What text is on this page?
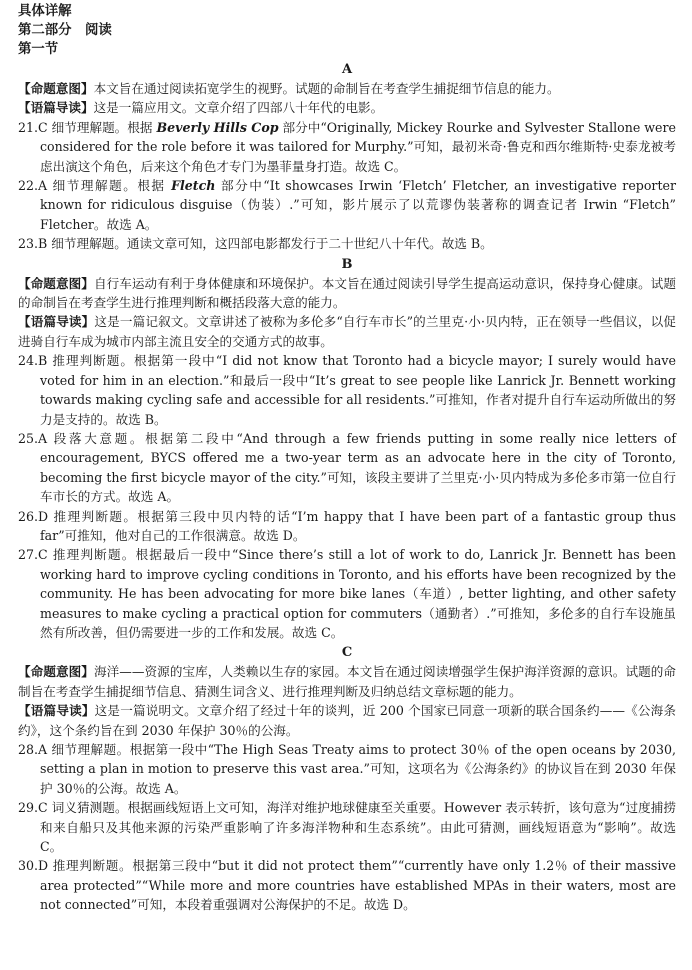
具体详解
第二部分　阅读
第一节
A

【命题意图】本文旨在通过阅读拓宽学生的视野。试题的命制旨在考查学生捕捉细节信息的能力。

【语篇导读】这是一篇应用文。文章介绍了四部八十年代的电影。

21.C 细节理解题。根据 Beverly Hills Cop 部分中“Originally, Mickey Rourke and Sylvester Stallone were considered for the role before it was tailored for Murphy.”可知，最初米奇·鲁克和西尔维斯特·史泰龙被考虑出演这个角色，后来这个角色才专门为墨菲量身打造。故选 C。

22.A 细节理解题。根据 Fletch 部分中“It showcases Irwin ‘Fletch’ Fletcher, an investigative reporter known for ridiculous disguise（伪装）.”可知，影片展示了以荒谬伪装著称的调查记者 Irwin “Fletch” Fletcher。故选 A。

23.B 细节理解题。通读文章可知，这四部电影都发行于二十世纪八十年代。故选 B。

B

【命题意图】自行车运动有利于身体健康和环境保护。本文旨在通过阅读引导学生提高运动意识，保持身心健康。试题的命制旨在考查学生进行推理判断和概括段落大意的能力。

【语篇导读】这是一篇记叙文。文章讲述了被称为多伦多“自行车市长”的兰里克·小·贝内特，正在领导一些倡议，以促进骑自行车成为城市内部主流且安全的交通方式的故事。

24.B 推理判断题。根据第一段中“I did not know that Toronto had a bicycle mayor; I surely would have voted for him in an election.”和最后一段中“It’s great to see people like Lanrick Jr. Bennett working towards making cycling safe and accessible for all residents.”可推知，作者对提升自行车运动所做出的努力是支持的。故选 B。

25.A 段落大意题。根据第二段中“And through a few friends putting in some really nice letters of encouragement, BYCS offered me a two-year term as an advocate here in the city of Toronto, becoming the first bicycle mayor of the city.”可知，该段主要讲了兰里克·小·贝内特成为多伦多市第一位自行车市长的方式。故选 A。

26.D 推理判断题。根据第三段中贝内特的话“I’m happy that I have been part of a fantastic group thus far”可推知，他对自己的工作很满意。故选 D。

27.C 推理判断题。根据最后一段中“Since there’s still a lot of work to do, Lanrick Jr. Bennett has been working hard to improve cycling conditions in Toronto, and his efforts have been recognized by the community. He has been advocating for more bike lanes（车道）, better lighting, and other safety measures to make cycling a practical option for commuters（通勤者）.”可推知，多伦多的自行车设施虽然有所改善，但仍需要进一步的工作和发展。故选 C。

C

【命题意图】海洋——资源的宝库，人类赖以生存的家园。本文旨在通过阅读增强学生保护海洋资源的意识。试题的命制旨在考查学生捕捉细节信息、猜测生词含义、进行推理判断及归纳总结文章标题的能力。

【语篇导读】这是一篇说明文。文章介绍了经过十年的谈判，近 200 个国家已同意一项新的联合国条约——《公海条约》，这个条约旨在到 2030 年保护 30％的公海。

28.A 细节理解题。根据第一段中“The High Seas Treaty aims to protect 30％ of the open oceans by 2030, setting a plan in motion to preserve this vast area.”可知，这项名为《公海条约》的协议旨在到 2030 年保护 30％的公海。故选 A。

29.C 词义猜测题。根据画线短语上文可知，海洋对维护地球健康至关重要。However 表示转折，该句意为“过度捕捞和来自船只及其他来源的污染严重影响了许多海洋物种和生态系统”。由此可猜测，画线短语意为“影响”。故选 C。

30.D 推理判断题。根据第三段中“but it did not protect them”“currently have only 1.2％ of their massive area protected”“While more and more countries have established MPAs in their waters, most are not connected”可知，本段着重强调对公海保护的不足。故选 D。
